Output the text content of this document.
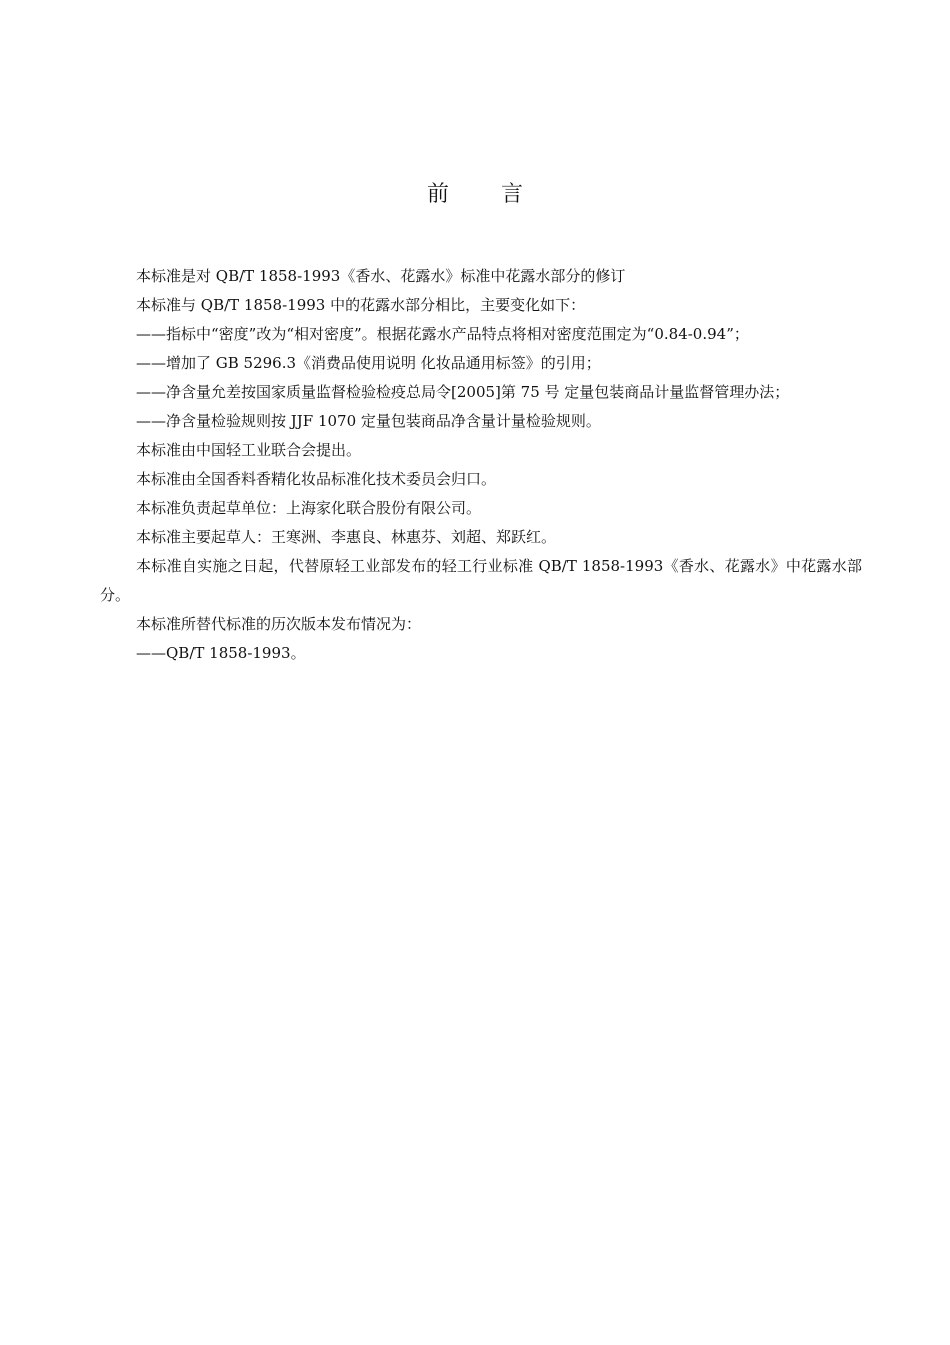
前 言

本标准是对 QB/T 1858-1993《香水、花露水》标准中花露水部分的修订

本标准与 QB/T 1858-1993 中的花露水部分相比，主要变化如下：

——指标中“密度”改为“相对密度”。根据花露水产品特点将相对密度范围定为“0.84-0.94”；

——增加了 GB 5296.3《消费品使用说明 化妆品通用标签》的引用；

——净含量允差按国家质量监督检验检疫总局令[2005]第 75 号 定量包装商品计量监督管理办法；

——净含量检验规则按 JJF 1070 定量包装商品净含量计量检验规则。

本标准由中国轻工业联合会提出。

本标准由全国香料香精化妆品标准化技术委员会归口。

本标准负责起草单位：上海家化联合股份有限公司。

本标准主要起草人：王寒洲、李惠良、林惠芬、刘超、郑跃红。

本标准自实施之日起，代替原轻工业部发布的轻工行业标准 QB/T 1858-1993《香水、花露水》中花露水部分。

本标准所替代标准的历次版本发布情况为：

——QB/T 1858-1993。
